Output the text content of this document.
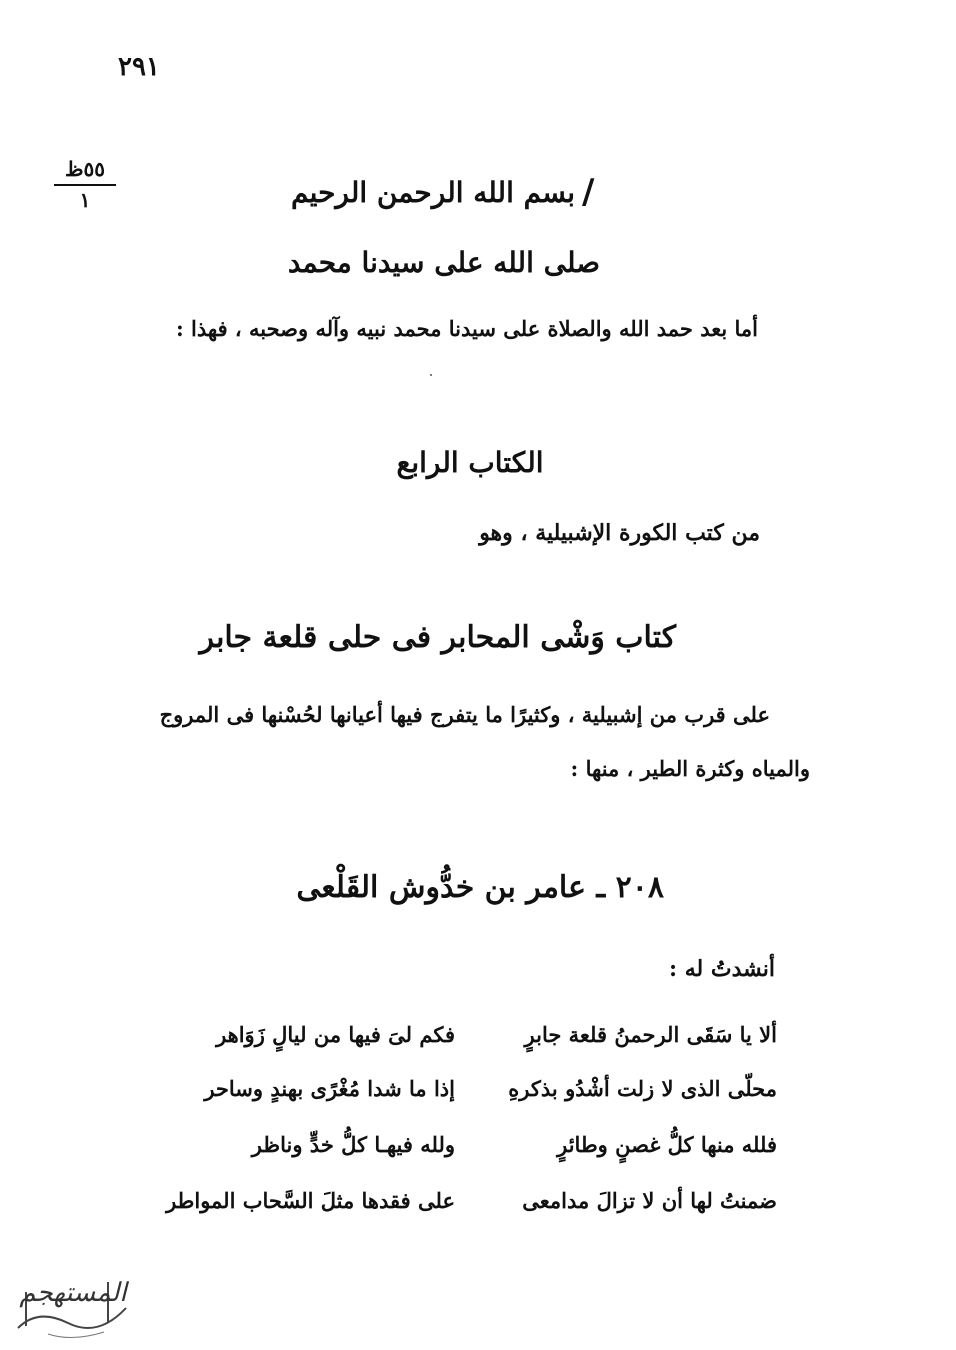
٢٩١
٥٥ظ
١	/
بسم الله الرحمن الرحيم
صلى الله على سيدنا محمد
أما بعد حمد الله والصلاة على سيدنا محمد نبيه وآله وصحبه ، فهذا :
الكتاب الرابع
من كتب الكورة الإشبيلية ، وهو
كتاب وَشْى المحابر فى حلى قلعة جابر
على قرب من إشبيلية ، وكثيرًا ما يتفرج فيها أعيانها لحُسْنها فى المروج
والمياه وكثرة الطير ، منها :
٢٠٨ ـ عامر بن خدُّوش القَلْعى
أنشدتُ له :
ألا يا سَقَى الرحمنُ قلعة جابرٍ
فكم لىَ فيها من ليالٍ زَوَاهر
محلّى الذى لا زلت أشْدُو بذكرهِ
إذا ما شدا مُغْرًى بهندٍ وساحر
فلله منها كلُّ غصنٍ وطائرٍ
ولله فيهـا كلُّ خدٍّ وناظر
ضمنتُ لها أن لا تزالَ مدامعى
على فقدها مثلَ السَّحاب المواطر
المستهجم
